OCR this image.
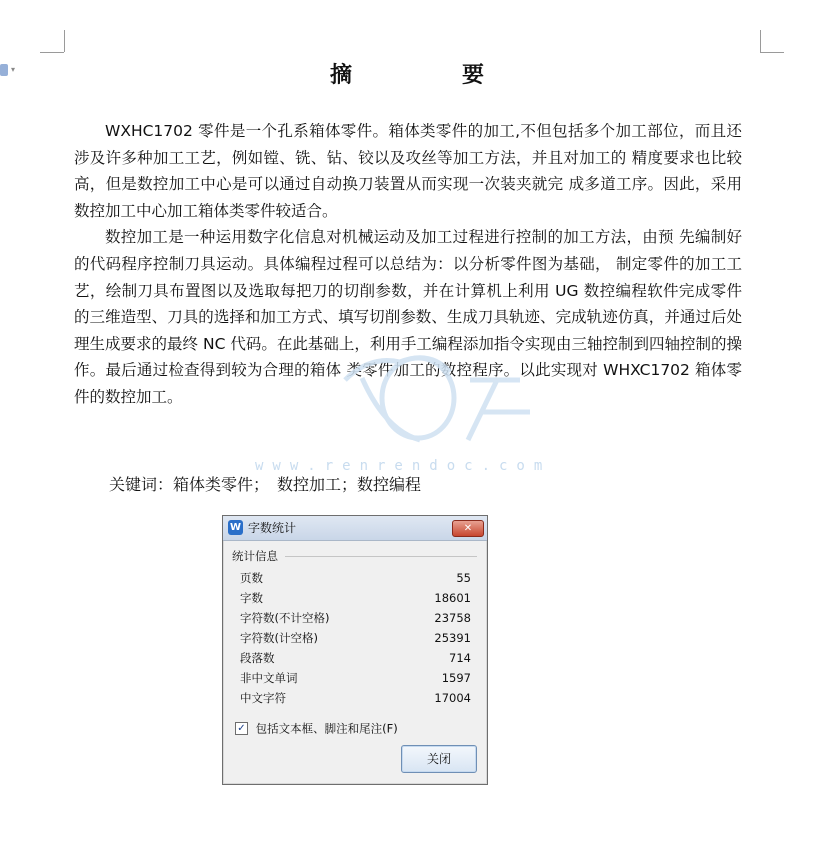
▾	摘　　要

WXHC1702 零件是一个孔系箱体零件。箱体类零件的加工,不但包括多个加工部位，而且还涉及许多种加工工艺，例如镗、铣、钻、铰以及攻丝等加工方法，并且对加工的 精度要求也比较高，但是数控加工中心是可以通过自动换刀装置从而实现一次装夹就完 成多道工序。因此，采用数控加工中心加工箱体类零件较适合。

数控加工是一种运用数字化信息对机械运动及加工过程进行控制的加工方法，由预 先编制好的代码程序控制刀具运动。具体编程过程可以总结为：以分析零件图为基础， 制定零件的加工工艺，绘制刀具布置图以及选取每把刀的切削参数，并在计算机上利用 UG 数控编程软件完成零件的三维造型、刀具的选择和加工方式、填写切削参数、生成刀具轨迹、完成轨迹仿真，并通过后处理生成要求的最终 NC 代码。在此基础上，利用手工编程添加指令实现由三轴控制到四轴控制的操作。最后通过检查得到较为合理的箱体 类零件加工的数控程序。以此实现对 WHXC1702 箱体零件的数控加工。

关键词：箱体类零件；　数控加工；数控编程
www.renrendoc.com
W 字数统计	✕
统计信息
页数	55
字数	18601
字符数(不计空格)	23758
字符数(计空格)	25391
段落数	714
非中文单词	1597
中文字符	17004
✓ 包括文本框、脚注和尾注(F)
关闭
